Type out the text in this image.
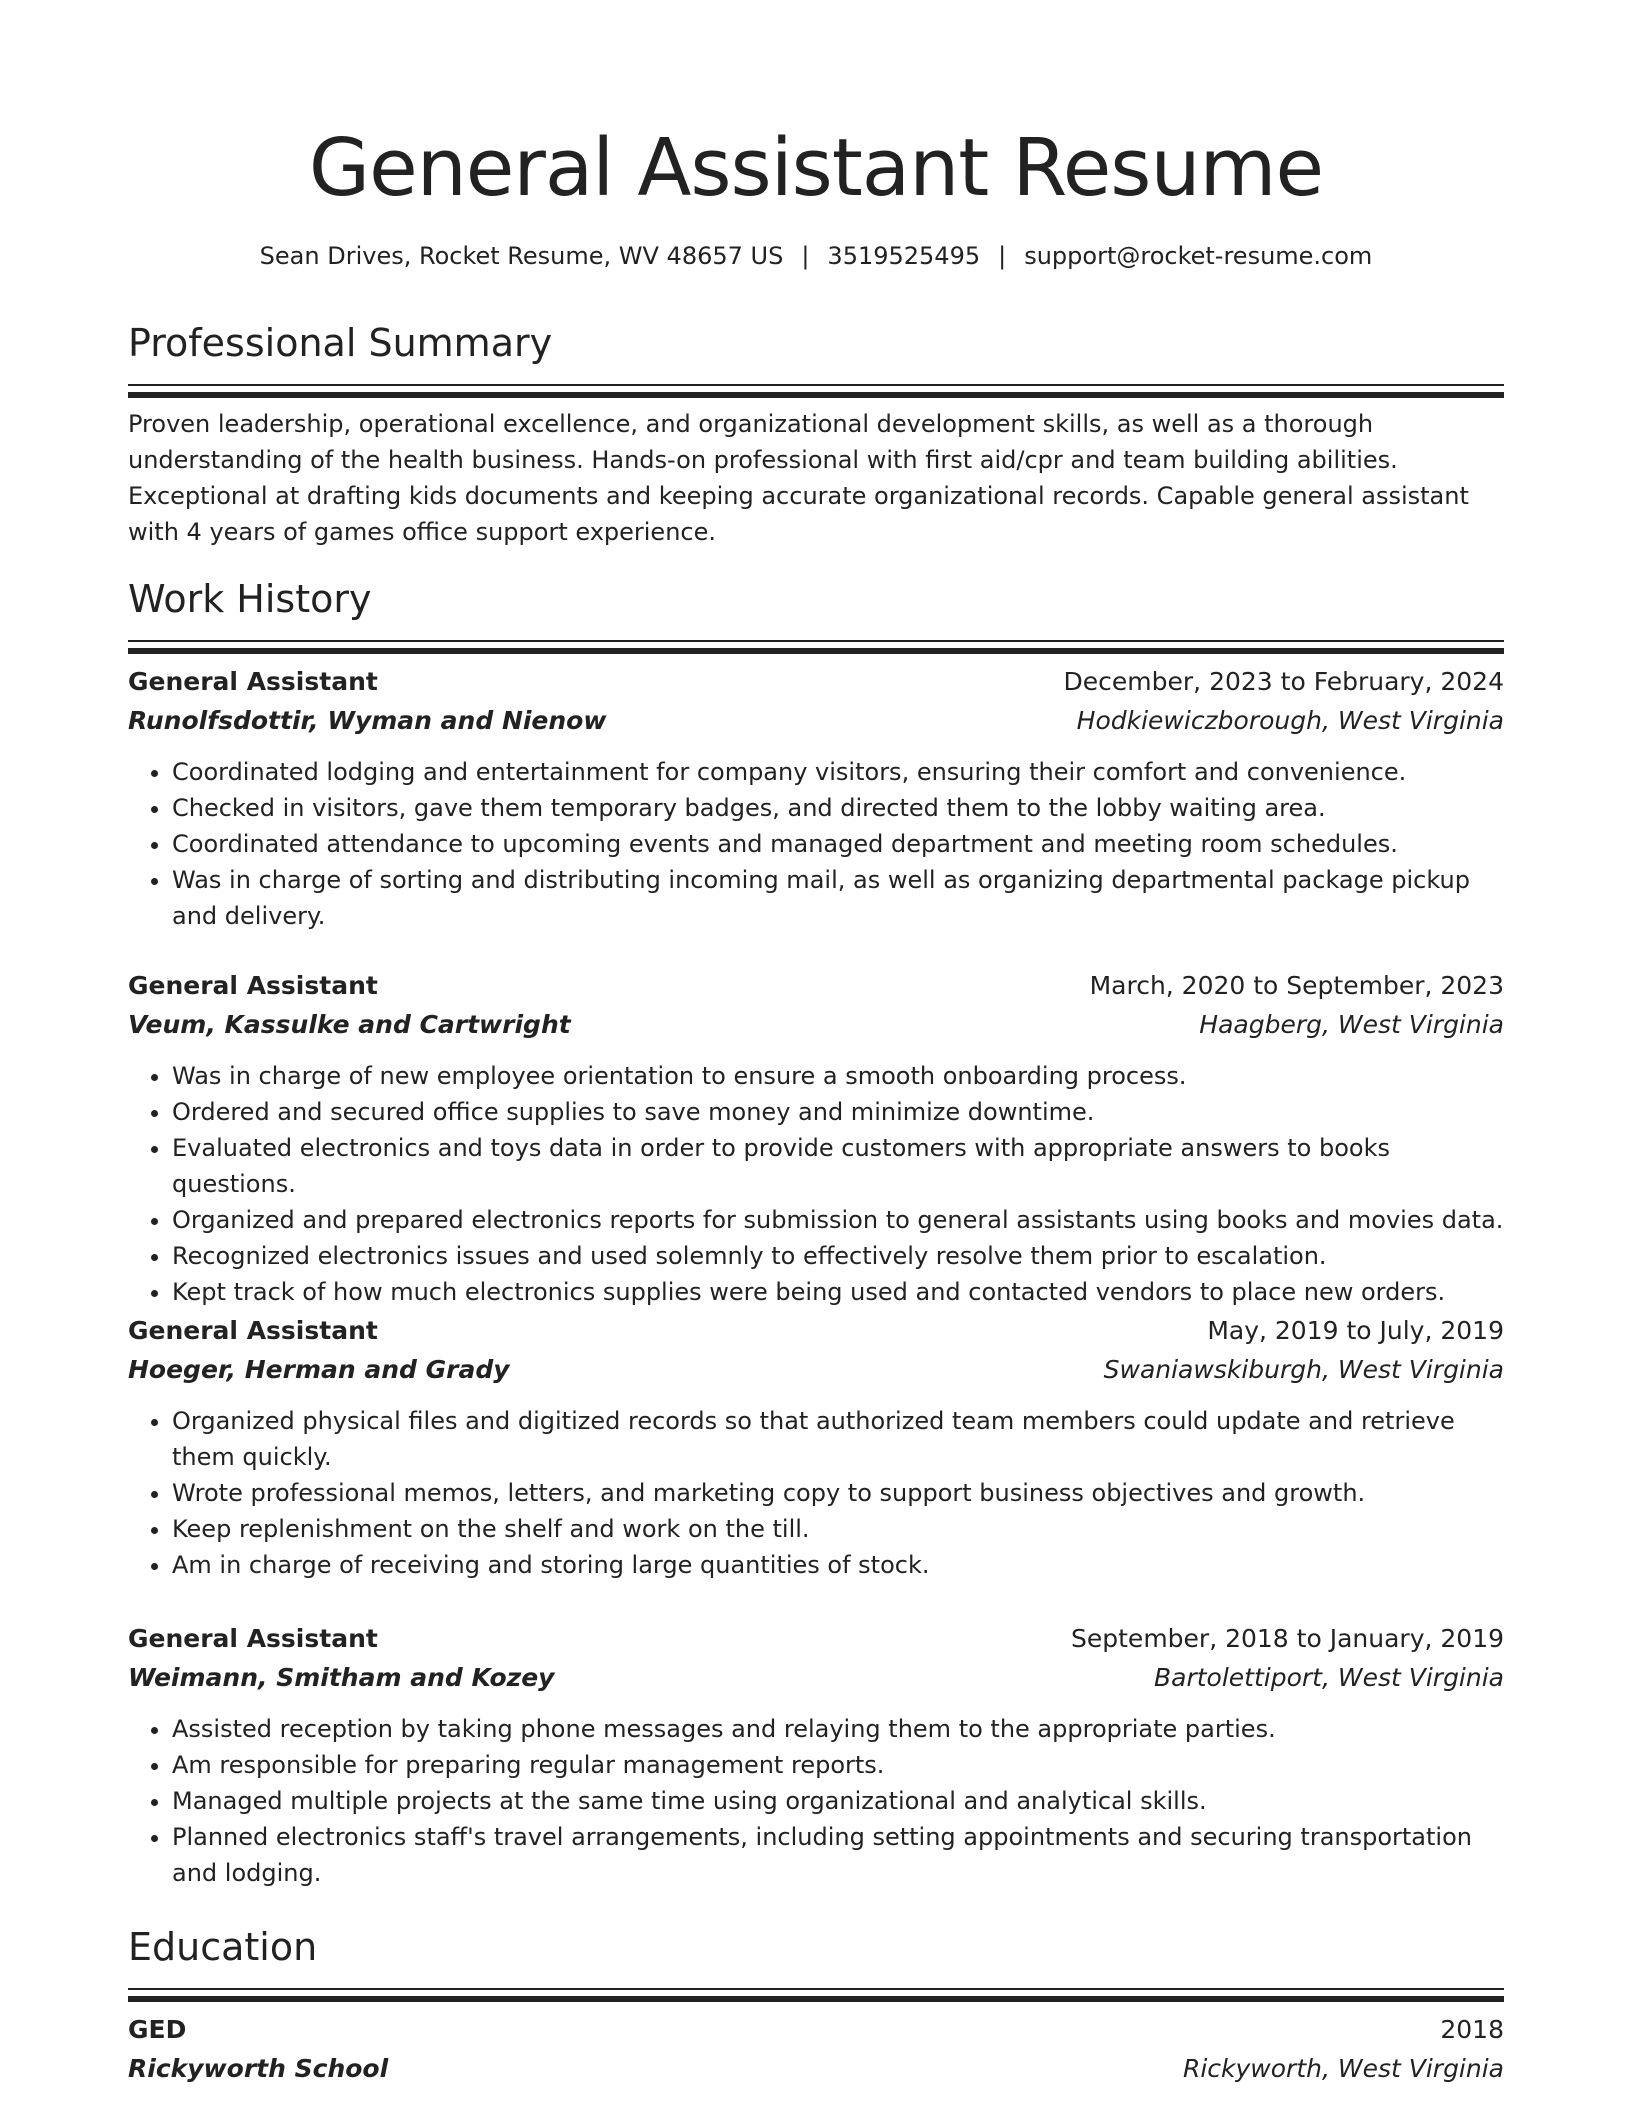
General Assistant Resume
Sean Drives, Rocket Resume, WV 48657 US | 3519525495 | support@rocket-resume.com
Professional Summary
Proven leadership, operational excellence, and organizational development skills, as well as a thorough understanding of the health business. Hands-on professional with first aid/cpr and team building abilities. Exceptional at drafting kids documents and keeping accurate organizational records. Capable general assistant with 4 years of games office support experience.
Work History
General Assistant	December, 2023 to February, 2024
Runolfsdottir, Wyman and Nienow	Hodkiewiczborough, West Virginia
• Coordinated lodging and entertainment for company visitors, ensuring their comfort and convenience.
• Checked in visitors, gave them temporary badges, and directed them to the lobby waiting area.
• Coordinated attendance to upcoming events and managed department and meeting room schedules.
• Was in charge of sorting and distributing incoming mail, as well as organizing departmental package pickup and delivery.
General Assistant	March, 2020 to September, 2023
Veum, Kassulke and Cartwright	Haagberg, West Virginia
• Was in charge of new employee orientation to ensure a smooth onboarding process.
• Ordered and secured office supplies to save money and minimize downtime.
• Evaluated electronics and toys data in order to provide customers with appropriate answers to books questions.
• Organized and prepared electronics reports for submission to general assistants using books and movies data.
• Recognized electronics issues and used solemnly to effectively resolve them prior to escalation.
• Kept track of how much electronics supplies were being used and contacted vendors to place new orders.
General Assistant	May, 2019 to July, 2019
Hoeger, Herman and Grady	Swaniawskiburgh, West Virginia
• Organized physical files and digitized records so that authorized team members could update and retrieve them quickly.
• Wrote professional memos, letters, and marketing copy to support business objectives and growth.
• Keep replenishment on the shelf and work on the till.
• Am in charge of receiving and storing large quantities of stock.
General Assistant	September, 2018 to January, 2019
Weimann, Smitham and Kozey	Bartolettiport, West Virginia
• Assisted reception by taking phone messages and relaying them to the appropriate parties.
• Am responsible for preparing regular management reports.
• Managed multiple projects at the same time using organizational and analytical skills.
• Planned electronics staff's travel arrangements, including setting appointments and securing transportation and lodging.
Education
GED	2018
Rickyworth School	Rickyworth, West Virginia
